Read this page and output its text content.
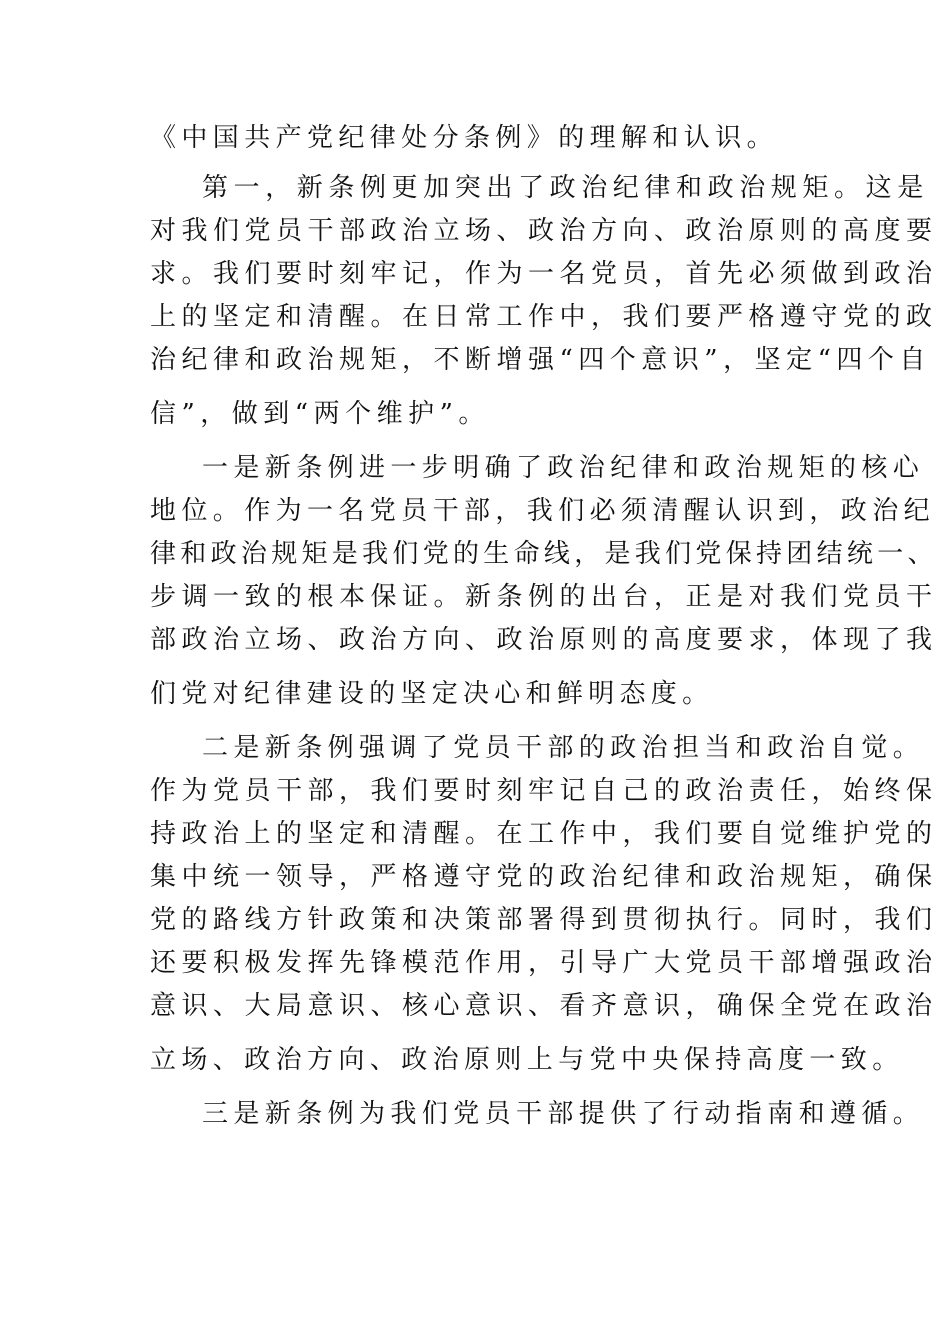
《中国共产党纪律处分条例》的理解和认识。
第一，新条例更加突出了政治纪律和政治规矩。这是
对我们党员干部政治立场、政治方向、政治原则的高度要
求。我们要时刻牢记，作为一名党员，首先必须做到政治
上的坚定和清醒。在日常工作中，我们要严格遵守党的政
治纪律和政治规矩，不断增强“四个意识”，坚定“四个自
信”，做到“两个维护”。
一是新条例进一步明确了政治纪律和政治规矩的核心
地位。作为一名党员干部，我们必须清醒认识到，政治纪
律和政治规矩是我们党的生命线，是我们党保持团结统一、
步调一致的根本保证。新条例的出台，正是对我们党员干
部政治立场、政治方向、政治原则的高度要求，体现了我
们党对纪律建设的坚定决心和鲜明态度。
二是新条例强调了党员干部的政治担当和政治自觉。
作为党员干部，我们要时刻牢记自己的政治责任，始终保
持政治上的坚定和清醒。在工作中，我们要自觉维护党的
集中统一领导，严格遵守党的政治纪律和政治规矩，确保
党的路线方针政策和决策部署得到贯彻执行。同时，我们
还要积极发挥先锋模范作用，引导广大党员干部增强政治
意识、大局意识、核心意识、看齐意识，确保全党在政治
立场、政治方向、政治原则上与党中央保持高度一致。
三是新条例为我们党员干部提供了行动指南和遵循。
